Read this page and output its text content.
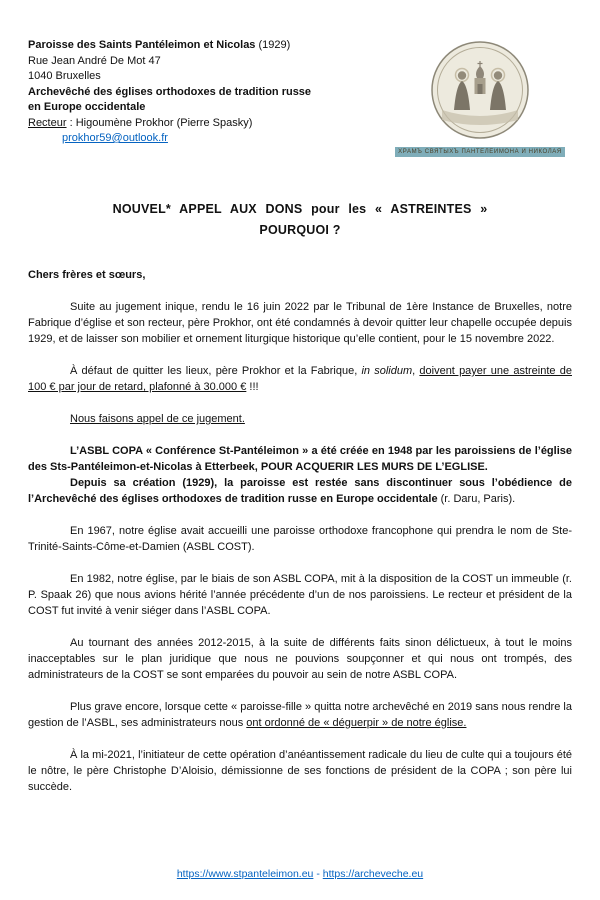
Paroisse des Saints Pantéleimon et Nicolas (1929)
Rue Jean André De Mot 47
1040 Bruxelles
Archevêché des églises orthodoxes de tradition russe
en Europe occidentale
Recteur : Higoumène Prokhor (Pierre Spasky)
prokhor59@outlook.fr
ХРАМЪ СВЯТЫХЪ ПАНТЕЛЕИМОНА И НИКОЛАЯ
NOUVEL* APPEL AUX DONS pour les « ASTREINTES »
POURQUOI ?

Chers frères et sœurs,

Suite au jugement inique, rendu le 16 juin 2022 par le Tribunal de 1ère Instance de Bruxelles, notre Fabrique d’église et son recteur, père Prokhor, ont été condamnés à devoir quitter leur chapelle occupée depuis 1929, et de laisser son mobilier et ornement liturgique historique qu’elle contient, pour le 15 novembre 2022.

À défaut de quitter les lieux, père Prokhor et la Fabrique, in solidum, doivent payer une astreinte de 100 € par jour de retard, plafonné à 30.000 € !!!

Nous faisons appel de ce jugement.

L’ASBL COPA « Conférence St-Pantéleimon » a été créée en 1948 par les paroissiens de l’église des Sts-Pantéleimon-et-Nicolas à Etterbeek, POUR ACQUERIR LES MURS DE L’EGLISE.

Depuis sa création (1929), la paroisse est restée sans discontinuer sous l’obédience de l’Archevêché des églises orthodoxes de tradition russe en Europe occidentale (r. Daru, Paris).

En 1967, notre église avait accueilli une paroisse orthodoxe francophone qui prendra le nom de Ste-Trinité-Saints-Côme-et-Damien (ASBL COST).

En 1982, notre église, par le biais de son ASBL COPA, mit à la disposition de la COST un immeuble (r. P. Spaak 26) que nous avions hérité l’année précédente d’un de nos paroissiens. Le recteur et président de la COST fut invité à venir siéger dans l’ASBL COPA.

Au tournant des années 2012-2015, à la suite de différents faits sinon délictueux, à tout le moins inacceptables sur le plan juridique que nous ne pouvions soupçonner et qui nous ont trompés, des administrateurs de la COST se sont emparées du pouvoir au sein de notre ASBL COPA.

Plus grave encore, lorsque cette « paroisse-fille » quitta notre archevêché en 2019 sans nous rendre la gestion de l’ASBL, ses administrateurs nous ont ordonné de « déguerpir » de notre église.

À la mi-2021, l’initiateur de cette opération d’anéantissement radicale du lieu de culte qui a toujours été le nôtre, le père Christophe D’Aloisio, démissionne de ses fonctions de président de la COPA ; son père lui succède.

https://www.stpanteleimon.eu - https://archeveche.eu
